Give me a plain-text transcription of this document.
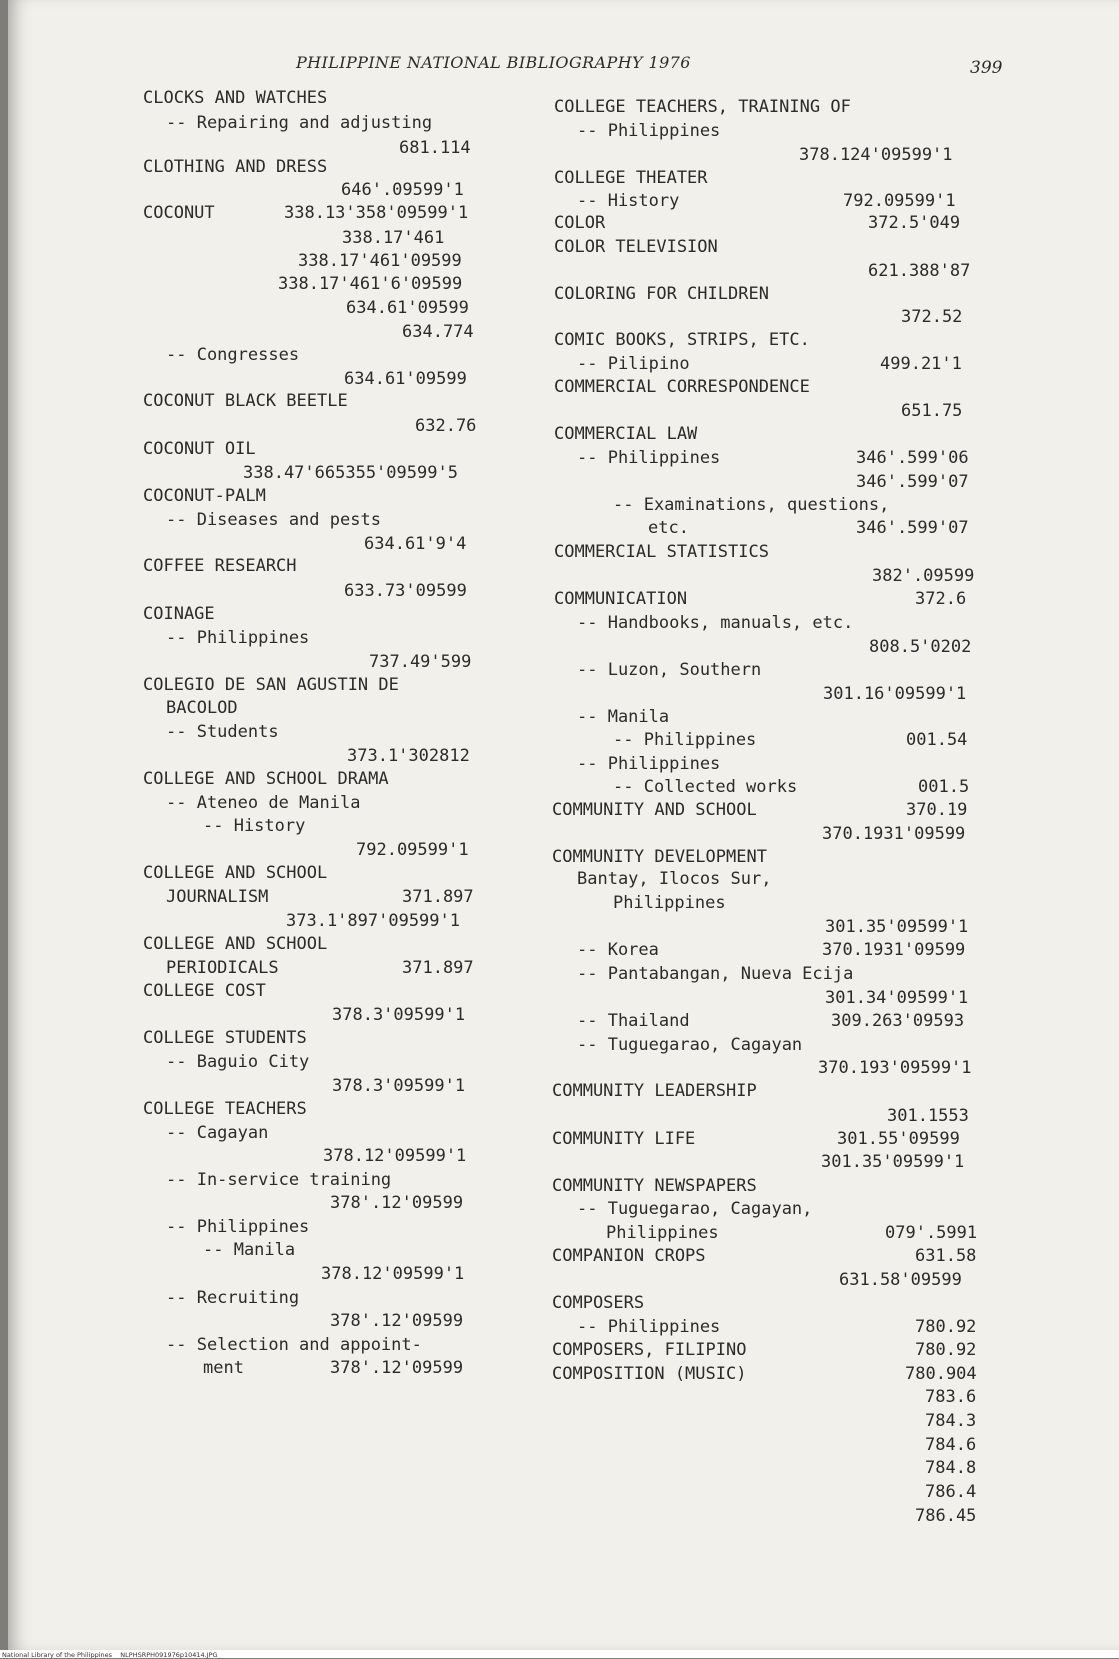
PHILIPPINE NATIONAL BIBLIOGRAPHY 1976	399
CLOCKS AND WATCHES
-- Repairing and adjusting
681.114
CLOTHING AND DRESS
646'.09599'1
COCONUT	338.13'358'09599'1
338.17'461
338.17'461'09599
338.17'461'6'09599
634.61'09599
634.774
-- Congresses
634.61'09599
COCONUT BLACK BEETLE
632.76
COCONUT OIL
338.47'665355'09599'5
COCONUT-PALM
-- Diseases and pests
634.61'9'4
COFFEE RESEARCH
633.73'09599
COINAGE
-- Philippines
737.49'599
COLEGIO DE SAN AGUSTIN DE
BACOLOD
-- Students
373.1'302812
COLLEGE AND SCHOOL DRAMA
-- Ateneo de Manila
-- History
792.09599'1
COLLEGE AND SCHOOL
JOURNALISM	371.897
373.1'897'09599'1
COLLEGE AND SCHOOL
PERIODICALS	371.897
COLLEGE COST
378.3'09599'1
COLLEGE STUDENTS
-- Baguio City
378.3'09599'1
COLLEGE TEACHERS
-- Cagayan
378.12'09599'1
-- In-service training
378'.12'09599
-- Philippines
-- Manila
378.12'09599'1
-- Recruiting
378'.12'09599
-- Selection and appoint-
ment	378'.12'09599
COLLEGE TEACHERS, TRAINING OF
-- Philippines
378.124'09599'1
COLLEGE THEATER
-- History	792.09599'1
COLOR	372.5'049
COLOR TELEVISION
621.388'87
COLORING FOR CHILDREN
372.52
COMIC BOOKS, STRIPS, ETC.
-- Pilipino	499.21'1
COMMERCIAL CORRESPONDENCE
651.75
COMMERCIAL LAW
-- Philippines	346'.599'06
346'.599'07
-- Examinations, questions,
etc.	346'.599'07
COMMERCIAL STATISTICS
382'.09599
COMMUNICATION	372.6
-- Handbooks, manuals, etc.
808.5'0202
-- Luzon, Southern
301.16'09599'1
-- Manila
-- Philippines	001.54
-- Philippines
-- Collected works	001.5
COMMUNITY AND SCHOOL	370.19
370.1931'09599
COMMUNITY DEVELOPMENT
Bantay, Ilocos Sur,
Philippines
301.35'09599'1
-- Korea	370.1931'09599
-- Pantabangan, Nueva Ecija
301.34'09599'1
-- Thailand	309.263'09593
-- Tuguegarao, Cagayan
370.193'09599'1
COMMUNITY LEADERSHIP
301.1553
COMMUNITY LIFE	301.55'09599
301.35'09599'1
COMMUNITY NEWSPAPERS
-- Tuguegarao, Cagayan,
Philippines	079'.5991
COMPANION CROPS	631.58
631.58'09599
COMPOSERS
-- Philippines	780.92
COMPOSERS, FILIPINO	780.92
COMPOSITION (MUSIC)	780.904
783.6
784.3
784.6
784.8
786.4
786.45
National Library of the Philippines    NLPHSRPH091976p10414.JPG
